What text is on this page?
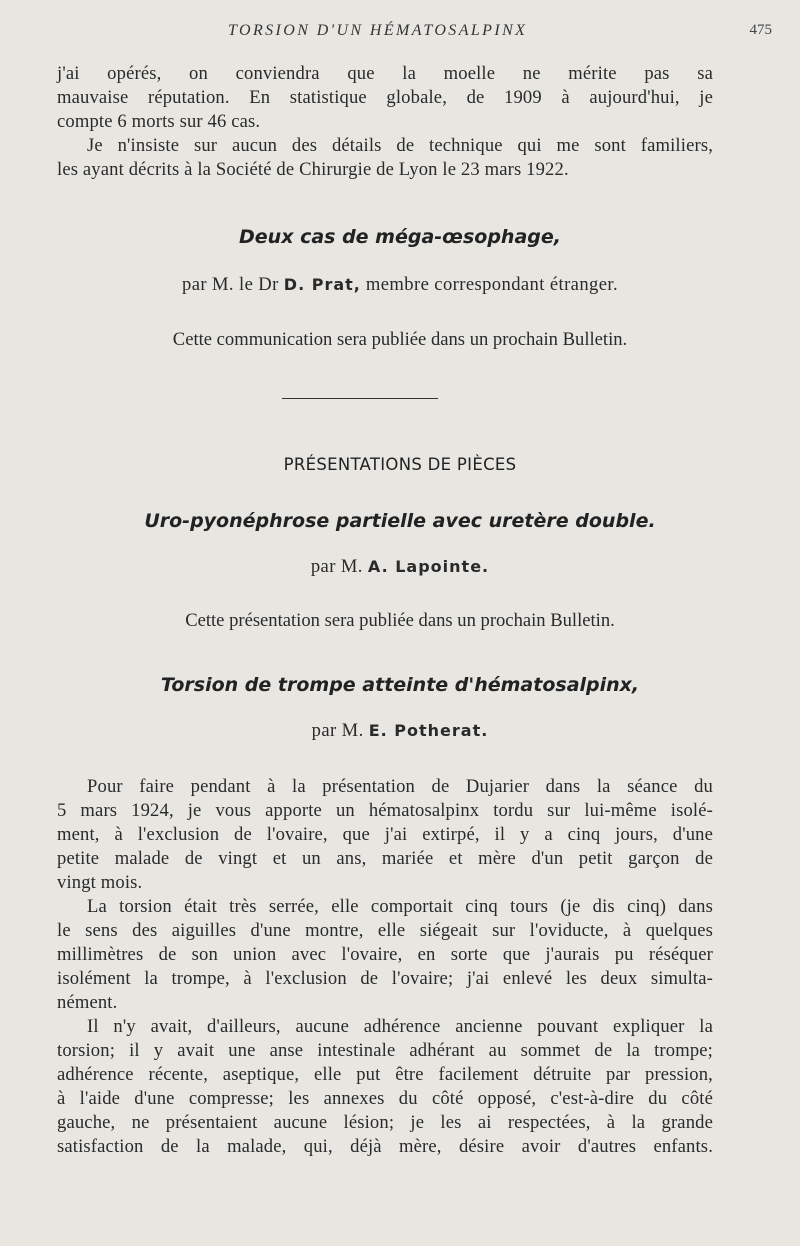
TORSION D'UN HÉMATOSALPINX	475
j'ai opérés, on conviendra que la moelle ne mérite pas sa
mauvaise réputation. En statistique globale, de 1909 à aujourd'hui, je
compte 6 morts sur 46 cas.
Je n'insiste sur aucun des détails de technique qui me sont familiers,
les ayant décrits à la Société de Chirurgie de Lyon le 23 mars 1922.
Deux cas de méga-œsophage,
par M. le Dr D. Prat, membre correspondant étranger.
Cette communication sera publiée dans un prochain Bulletin.
PRÉSENTATIONS DE PIÈCES
Uro-pyonéphrose partielle avec uretère double.
par M. A. Lapointe.
Cette présentation sera publiée dans un prochain Bulletin.
Torsion de trompe atteinte d'hématosalpinx,
par M. E. Potherat.
Pour faire pendant à la présentation de Dujarier dans la séance du
5 mars 1924, je vous apporte un hématosalpinx tordu sur lui-même isolé-
ment, à l'exclusion de l'ovaire, que j'ai extirpé, il y a cinq jours, d'une
petite malade de vingt et un ans, mariée et mère d'un petit garçon de
vingt mois.
La torsion était très serrée, elle comportait cinq tours (je dis cinq) dans
le sens des aiguilles d'une montre, elle siégeait sur l'oviducte, à quelques
millimètres de son union avec l'ovaire, en sorte que j'aurais pu réséquer
isolément la trompe, à l'exclusion de l'ovaire; j'ai enlevé les deux simulta-
nément.
Il n'y avait, d'ailleurs, aucune adhérence ancienne pouvant expliquer la
torsion; il y avait une anse intestinale adhérant au sommet de la trompe;
adhérence récente, aseptique, elle put être facilement détruite par pression,
à l'aide d'une compresse; les annexes du côté opposé, c'est-à-dire du côté
gauche, ne présentaient aucune lésion; je les ai respectées, à la grande
satisfaction de la malade, qui, déjà mère, désire avoir d'autres enfants.
